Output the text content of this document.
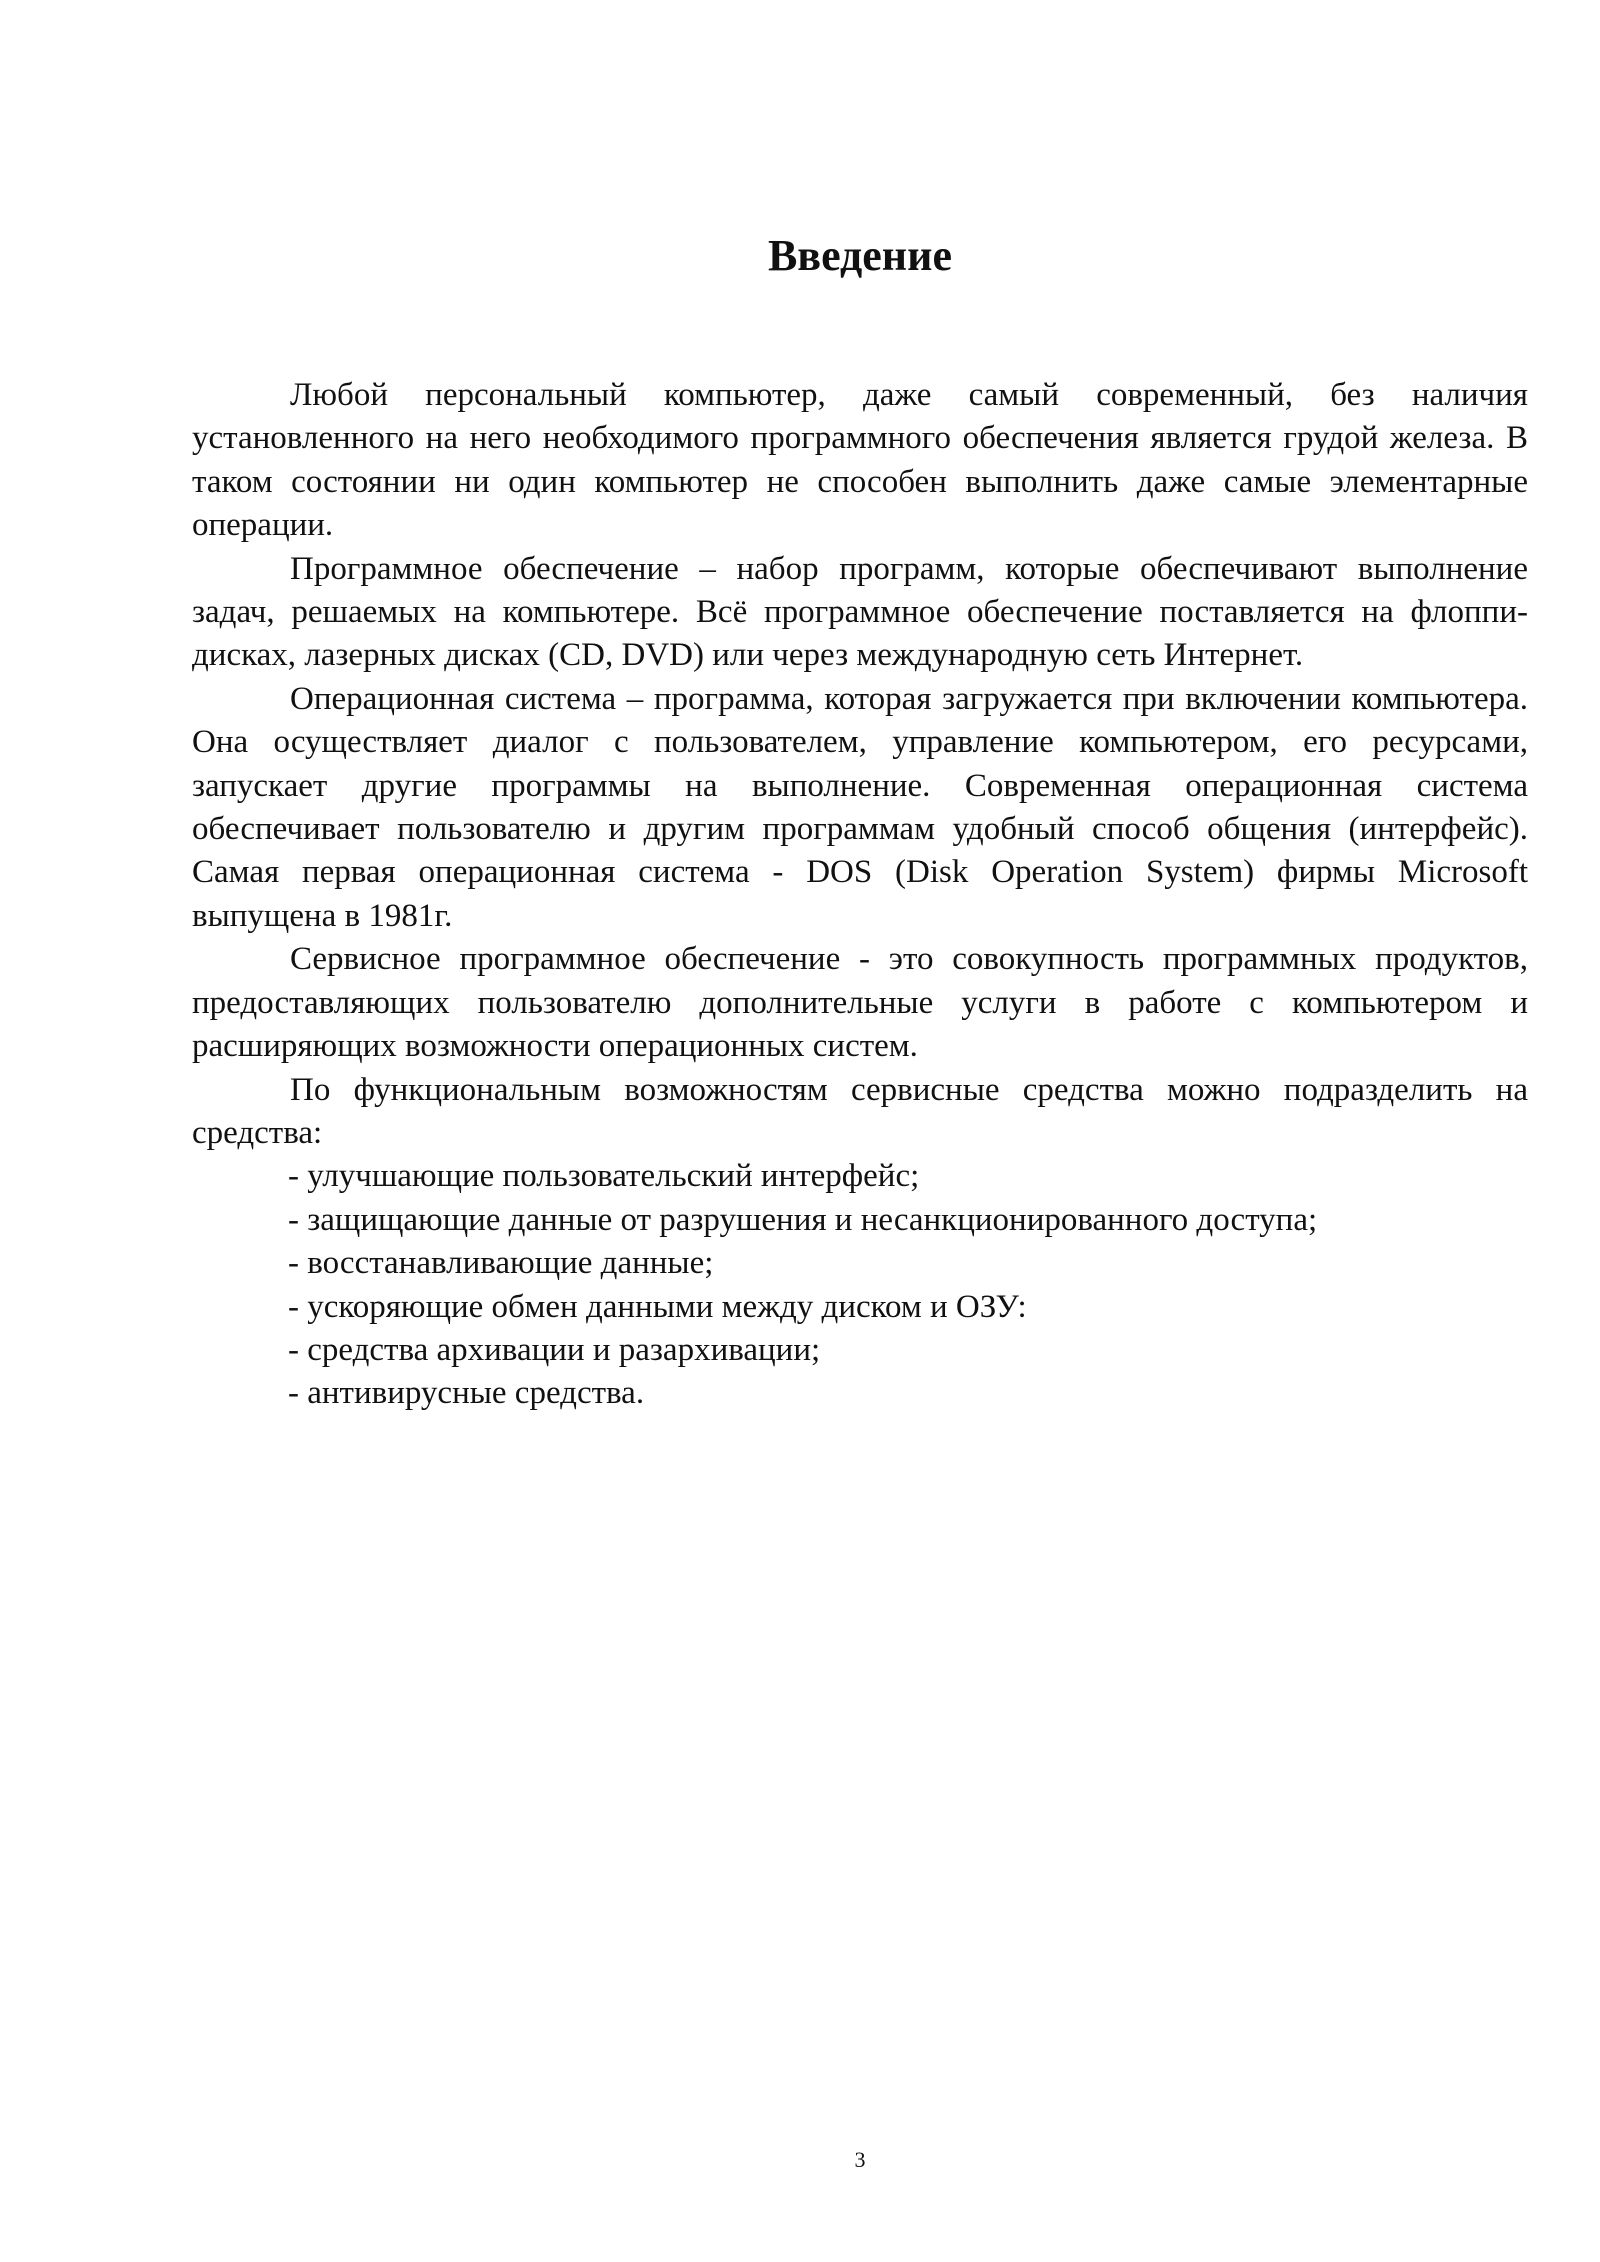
Введение

Любой персональный компьютер, даже самый современный, без наличия установленного на него необходимого программного обеспечения является грудой железа. В таком состоянии ни один компьютер не способен выполнить даже самые элементарные операции.

Программное обеспечение – набор программ, которые обеспечивают выполнение задач, решаемых на компьютере. Всё программное обеспечение поставляется на флоппи-дисках, лазерных дисках (CD, DVD) или через международную сеть Интернет.

Операционная система – программа, которая загружается при включении компьютера. Она осуществляет диалог с пользователем, управление компьютером, его ресурсами, запускает другие программы на выполнение. Современная операционная система обеспечивает пользователю и другим программам удобный способ общения (интерфейс). Самая первая операционная система - DOS (Disk Operation System) фирмы Microsoft выпущена в 1981г.

Сервисное программное обеспечение - это совокупность программных продуктов, предоставляющих пользователю дополнительные услуги в работе с компьютером и расширяющих возможности операционных систем.

По функциональным возможностям сервисные средства можно подразделить на средства:

- улучшающие пользовательский интерфейс;
- защищающие данные от разрушения и несанкционированного доступа;
- восстанавливающие данные;
- ускоряющие обмен данными между диском и ОЗУ:
- средства архивации и разархивации;
- антивирусные средства.
3
